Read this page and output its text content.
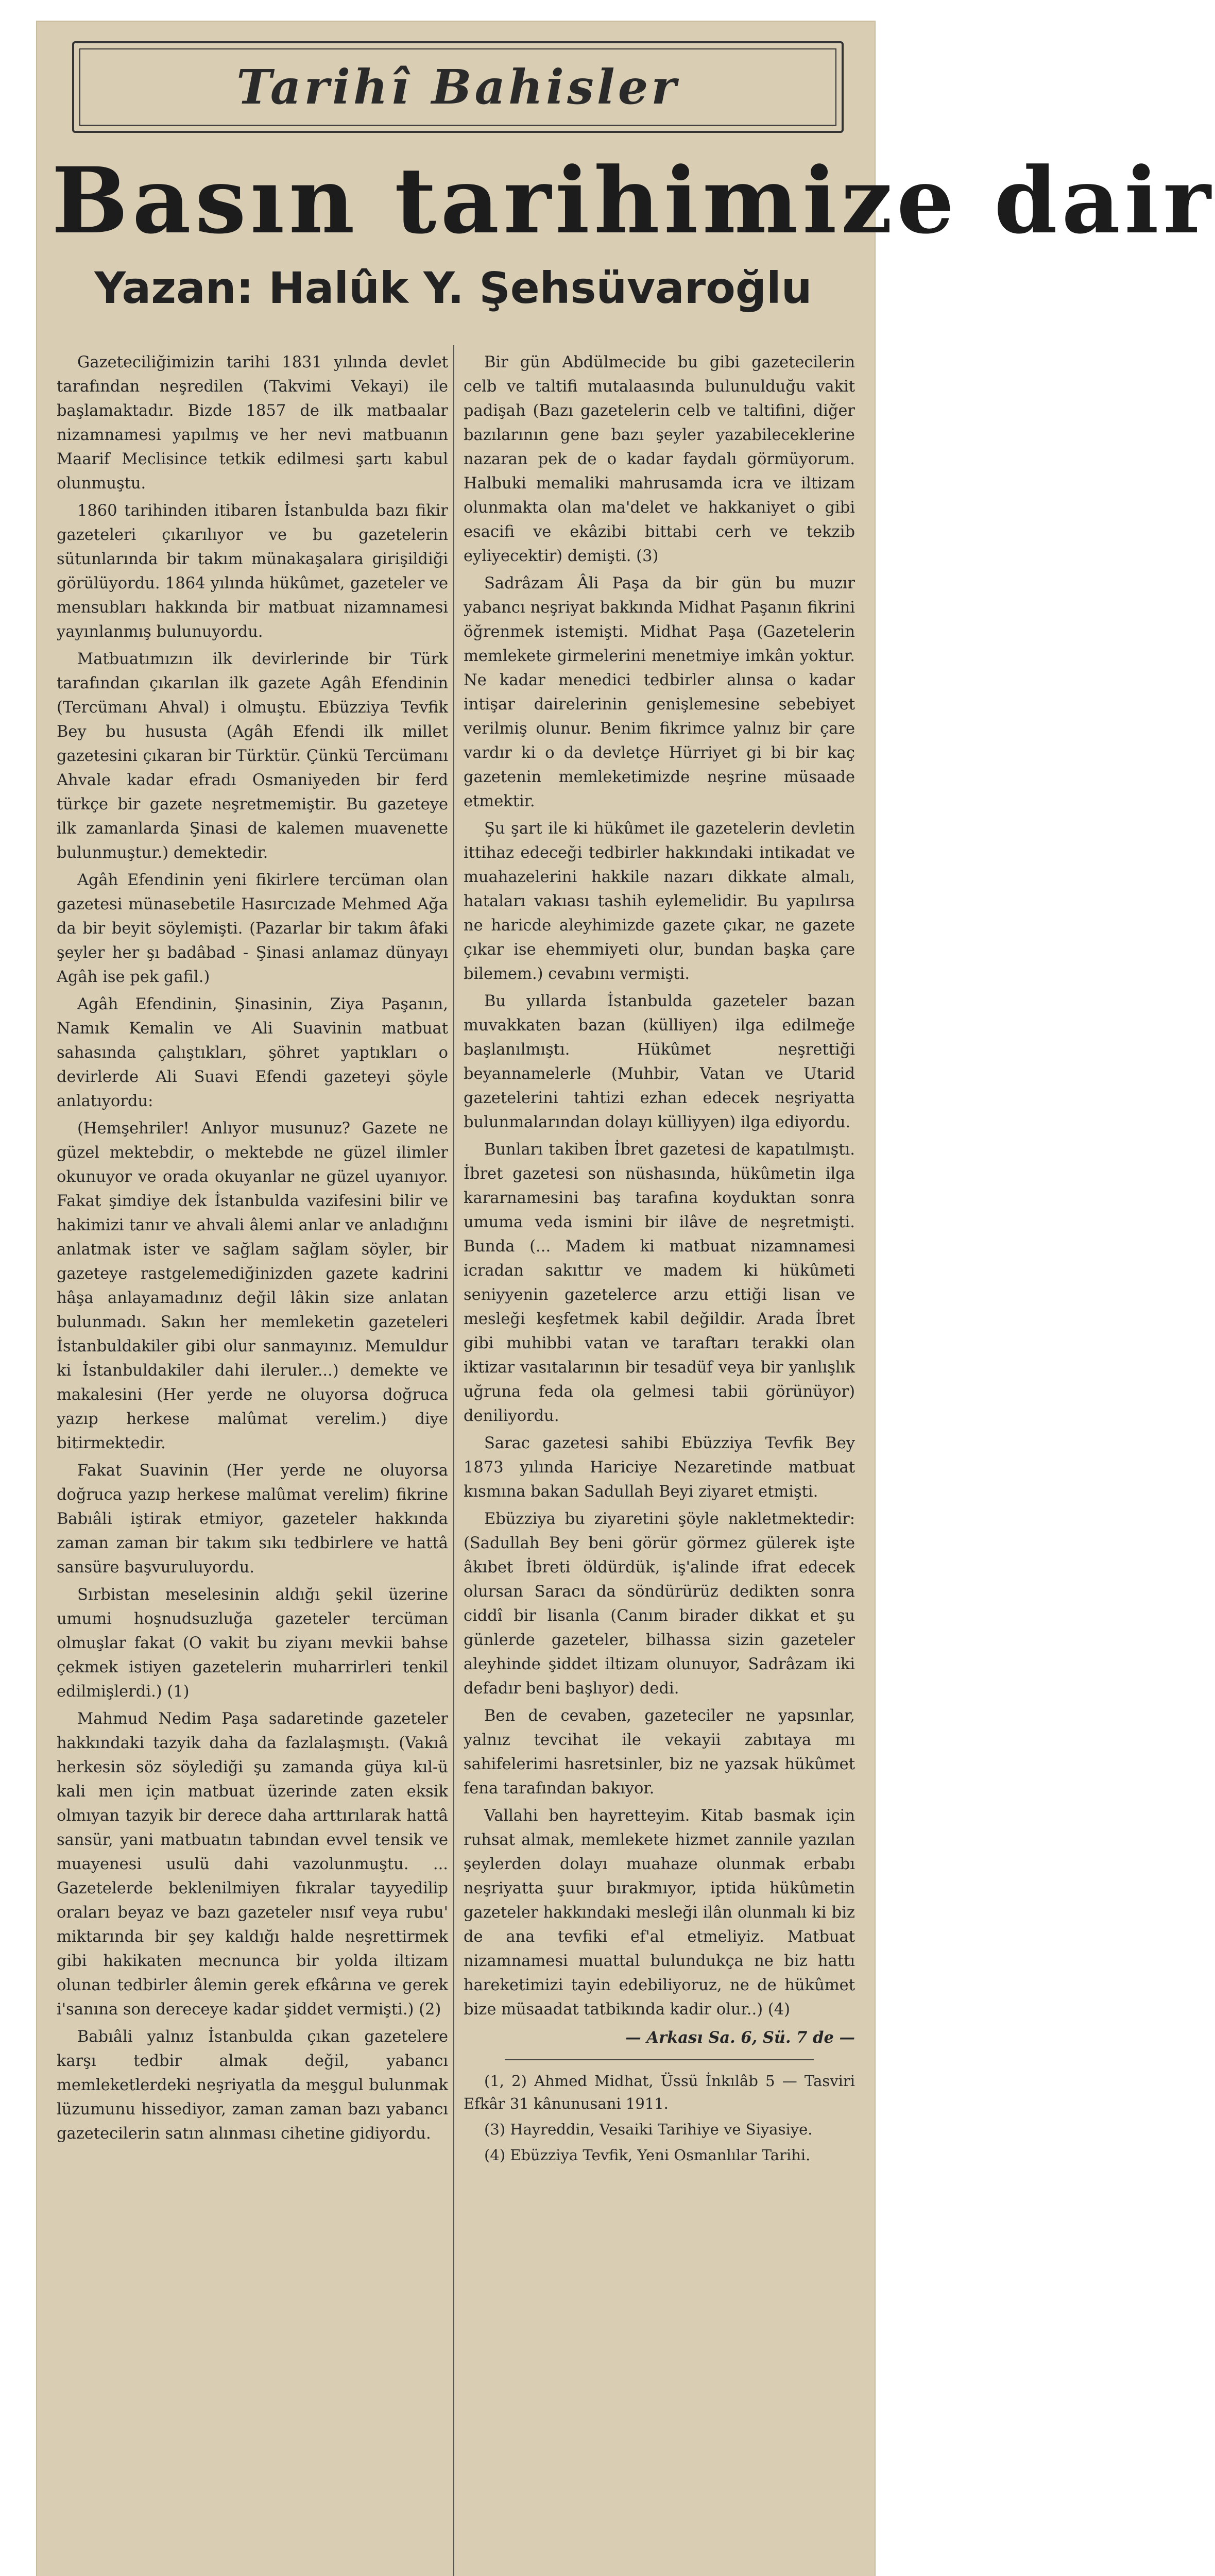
Tarihî Bahisler
Basın tarihimize dair
Yazan: Halûk Y. Şehsüvaroğlu

Gazeteciliğimizin tarihi 1831 yılında devlet tarafından neşredilen (Takvimi Vekayi) ile başlamaktadır. Bizde 1857 de ilk matbaalar nizamnamesi yapılmış ve her nevi matbuanın Maarif Meclisince tetkik edilmesi şartı kabul olunmuştu.

1860 tarihinden itibaren İstanbulda bazı fikir gazeteleri çıkarılıyor ve bu gazetelerin sütunlarında bir takım münakaşalara girişildiği görülüyordu. 1864 yılında hükûmet, gazeteler ve mensubları hakkında bir matbuat nizamnamesi yayınlanmış bulunuyordu.

Matbuatımızın ilk devirlerinde bir Türk tarafından çıkarılan ilk gazete Agâh Efendinin (Tercümanı Ahval) i olmuştu. Ebüzziya Tevfik Bey bu hususta (Agâh Efendi ilk millet gazetesini çıkaran bir Türktür. Çünkü Tercümanı Ahvale kadar efradı Osmaniyeden bir ferd türkçe bir gazete neşretmemiştir. Bu gazeteye ilk zamanlarda Şinasi de kalemen muavenette bulunmuştur.) demektedir.

Agâh Efendinin yeni fikirlere tercüman olan gazetesi münasebetile Hasırcızade Mehmed Ağa da bir beyit söylemişti. (Pazarlar bir takım âfaki şeyler her şı badâbad - Şinasi anlamaz dünyayı Agâh ise pek gafil.)

Agâh Efendinin, Şinasinin, Ziya Paşanın, Namık Kemalin ve Ali Suavinin matbuat sahasında çalıştıkları, şöhret yaptıkları o devirlerde Ali Suavi Efendi gazeteyi şöyle anlatıyordu:

(Hemşehriler! Anlıyor musunuz? Gazete ne güzel mektebdir, o mektebde ne güzel ilimler okunuyor ve orada okuyanlar ne güzel uyanıyor. Fakat şimdiye dek İstanbulda vazifesini bilir ve hakimizi tanır ve ahvali âlemi anlar ve anladığını anlatmak ister ve sağlam sağlam söyler, bir gazeteye rastgelemediğinizden gazete kadrini hâşa anlayamadınız değil lâkin size anlatan bulunmadı. Sakın her memleketin gazeteleri İstanbuldakiler gibi olur sanmayınız. Memuldur ki İstanbuldakiler dahi ileruler...) demekte ve makalesini (Her yerde ne oluyorsa doğruca yazıp herkese malûmat verelim.) diye bitirmektedir.

Fakat Suavinin (Her yerde ne oluyorsa doğruca yazıp herkese malûmat verelim) fikrine Babıâli iştirak etmiyor, gazeteler hakkında zaman zaman bir takım sıkı tedbirlere ve hattâ sansüre başvuruluyordu.

Sırbistan meselesinin aldığı şekil üzerine umumi hoşnudsuzluğa gazeteler tercüman olmuşlar fakat (O vakit bu ziyanı mevkii bahse çekmek istiyen gazetelerin muharrirleri tenkil edilmişlerdi.) (1)

Mahmud Nedim Paşa sadaretinde gazeteler hakkındaki tazyik daha da fazlalaşmıştı. (Vakıâ herkesin söz söylediği şu zamanda güya kıl-ü kali men için matbuat üzerinde zaten eksik olmıyan tazyik bir derece daha arttırılarak hattâ sansür, yani matbuatın tabından evvel tensik ve muayenesi usulü dahi vazolunmuştu. ... Gazetelerde beklenilmiyen fıkralar tayyedilip oraları beyaz ve bazı gazeteler nısıf veya rubu' miktarında bir şey kaldığı halde neşrettirmek gibi hakikaten mecnunca bir yolda iltizam olunan tedbirler âlemin gerek efkârına ve gerek i'sanına son dereceye kadar şiddet vermişti.) (2)

Babıâli yalnız İstanbulda çıkan gazetelere karşı tedbir almak değil, yabancı memleketlerdeki neşriyatla da meşgul bulunmak lüzumunu hissediyor, zaman zaman bazı yabancı gazetecilerin satın alınması cihetine gidiyordu.

Bir gün Abdülmecide bu gibi gazetecilerin celb ve taltifi mutalaasında bulunulduğu vakit padişah (Bazı gazetelerin celb ve taltifini, diğer bazılarının gene bazı şeyler yazabileceklerine nazaran pek de o kadar faydalı görmüyorum. Halbuki memaliki mahrusamda icra ve iltizam olunmakta olan ma'delet ve hakkaniyet o gibi esacifi ve ekâzibi bittabi cerh ve tekzib eyliyecektir) demişti. (3)

Sadrâzam Âli Paşa da bir gün bu muzır yabancı neşriyat bakkında Midhat Paşanın fikrini öğrenmek istemişti. Midhat Paşa (Gazetelerin memlekete girmelerini menetmiye imkân yoktur. Ne kadar menedici tedbirler alınsa o kadar intişar dairelerinin genişlemesine sebebiyet verilmiş olunur. Benim fikrimce yalnız bir çare vardır ki o da devletçe Hürriyet gi bi bir kaç gazetenin memleketimizde neşrine müsaade etmektir.

Şu şart ile ki hükûmet ile gazetelerin devletin ittihaz edeceği tedbirler hakkındaki intikadat ve muahazelerini hakkile nazarı dikkate almalı, hataları vakıası tashih eylemelidir. Bu yapılırsa ne haricde aleyhimizde gazete çıkar, ne gazete çıkar ise ehemmiyeti olur, bundan başka çare bilemem.) cevabını vermişti.

Bu yıllarda İstanbulda gazeteler bazan muvakkaten bazan (külliyen) ilga edilmeğe başlanılmıştı. Hükûmet neşrettiği beyannamelerle (Muhbir, Vatan ve Utarid gazetelerini tahtizi ezhan edecek neşriyatta bulunmalarından dolayı külliyyen) ilga ediyordu.

Bunları takiben İbret gazetesi de kapatılmıştı. İbret gazetesi son nüshasında, hükûmetin ilga kararnamesini baş tarafına koyduktan sonra umuma veda ismini bir ilâve de neşretmişti. Bunda (... Madem ki matbuat nizamnamesi icradan sakıttır ve madem ki hükûmeti seniyyenin gazetelerce arzu ettiği lisan ve mesleği keşfetmek kabil değildir. Arada İbret gibi muhibbi vatan ve taraftarı terakki olan iktizar vasıtalarının bir tesadüf veya bir yanlışlık uğruna feda ola gelmesi tabii görünüyor) deniliyordu.

Sarac gazetesi sahibi Ebüzziya Tevfik Bey 1873 yılında Hariciye Nezaretinde matbuat kısmına bakan Sadullah Beyi ziyaret etmişti.

Ebüzziya bu ziyaretini şöyle nakletmektedir: (Sadullah Bey beni görür görmez gülerek işte âkıbet İbreti öldürdük, iş'alinde ifrat edecek olursan Saracı da söndürürüz dedikten sonra ciddî bir lisanla (Canım birader dikkat et şu günlerde gazeteler, bilhassa sizin gazeteler aleyhinde şiddet iltizam olunuyor, Sadrâzam iki defadır beni başlıyor) dedi.

Ben de cevaben, gazeteciler ne yapsınlar, yalnız tevcihat ile vekayii zabıtaya mı sahifelerimi hasretsinler, biz ne yazsak hükûmet fena tarafından bakıyor.

Vallahi ben hayretteyim. Kitab basmak için ruhsat almak, memlekete hizmet zannile yazılan şeylerden dolayı muahaze olunmak erbabı neşriyatta şuur bırakmıyor, iptida hükûmetin gazeteler hakkındaki mesleği ilân olunmalı ki biz de ana tevfiki ef'al etmeliyiz. Matbuat nizamnamesi muattal bulundukça ne biz hattı hareketimizi tayin edebiliyoruz, ne de hükûmet bize müsaadat tatbikında kadir olur..) (4)

— Arkası Sa. 6, Sü. 7 de —

(1, 2) Ahmed Midhat, Üssü İnkılâb 5 — Tasviri Efkâr 31 kânunusani 1911.

(3) Hayreddin, Vesaiki Tarihiye ve Siyasiye.

(4) Ebüzziya Tevfik, Yeni Osmanlılar Tarihi.
